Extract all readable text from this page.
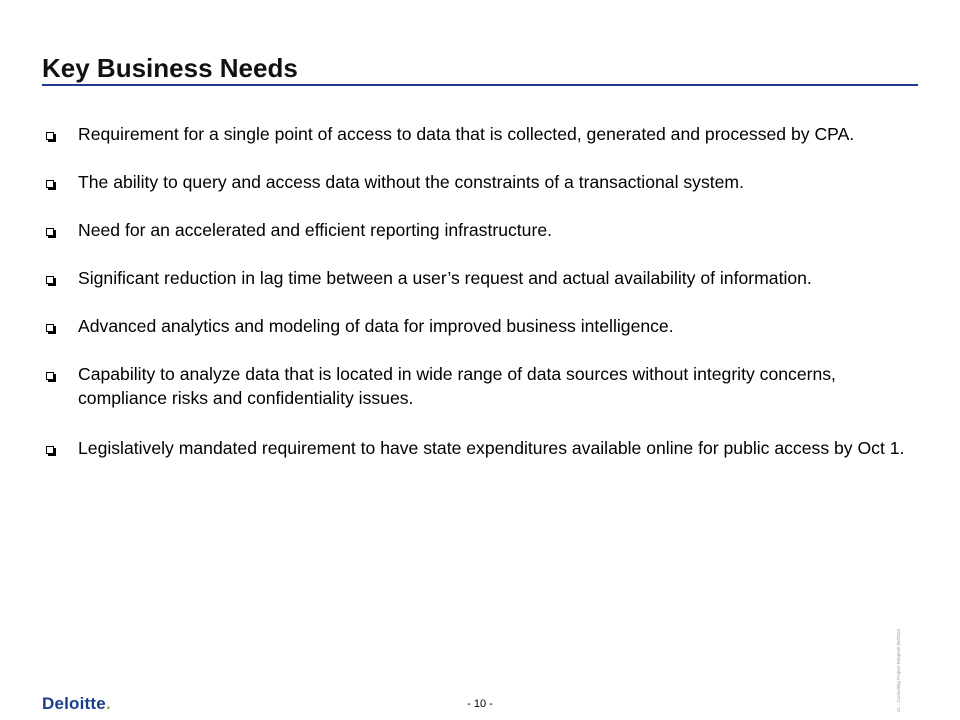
Key Business Needs
Requirement for a single point of access to data that is collected, generated and processed by CPA.
The ability to query and access data without the constraints of a transactional system.
Need for an accelerated and efficient reporting infrastructure.
Significant reduction in lag time between a user’s request and actual availability of information.
Advanced analytics and modeling of data for improved business intelligence.
Capability to analyze data that is located in wide range of data sources without integrity concerns, compliance risks and confidentiality issues.
Legislatively mandated requirement to have state expenditures available online for public access by Oct 1.
Deloitte.	- 10 -	CL - Consulting Project Template 05/2010
